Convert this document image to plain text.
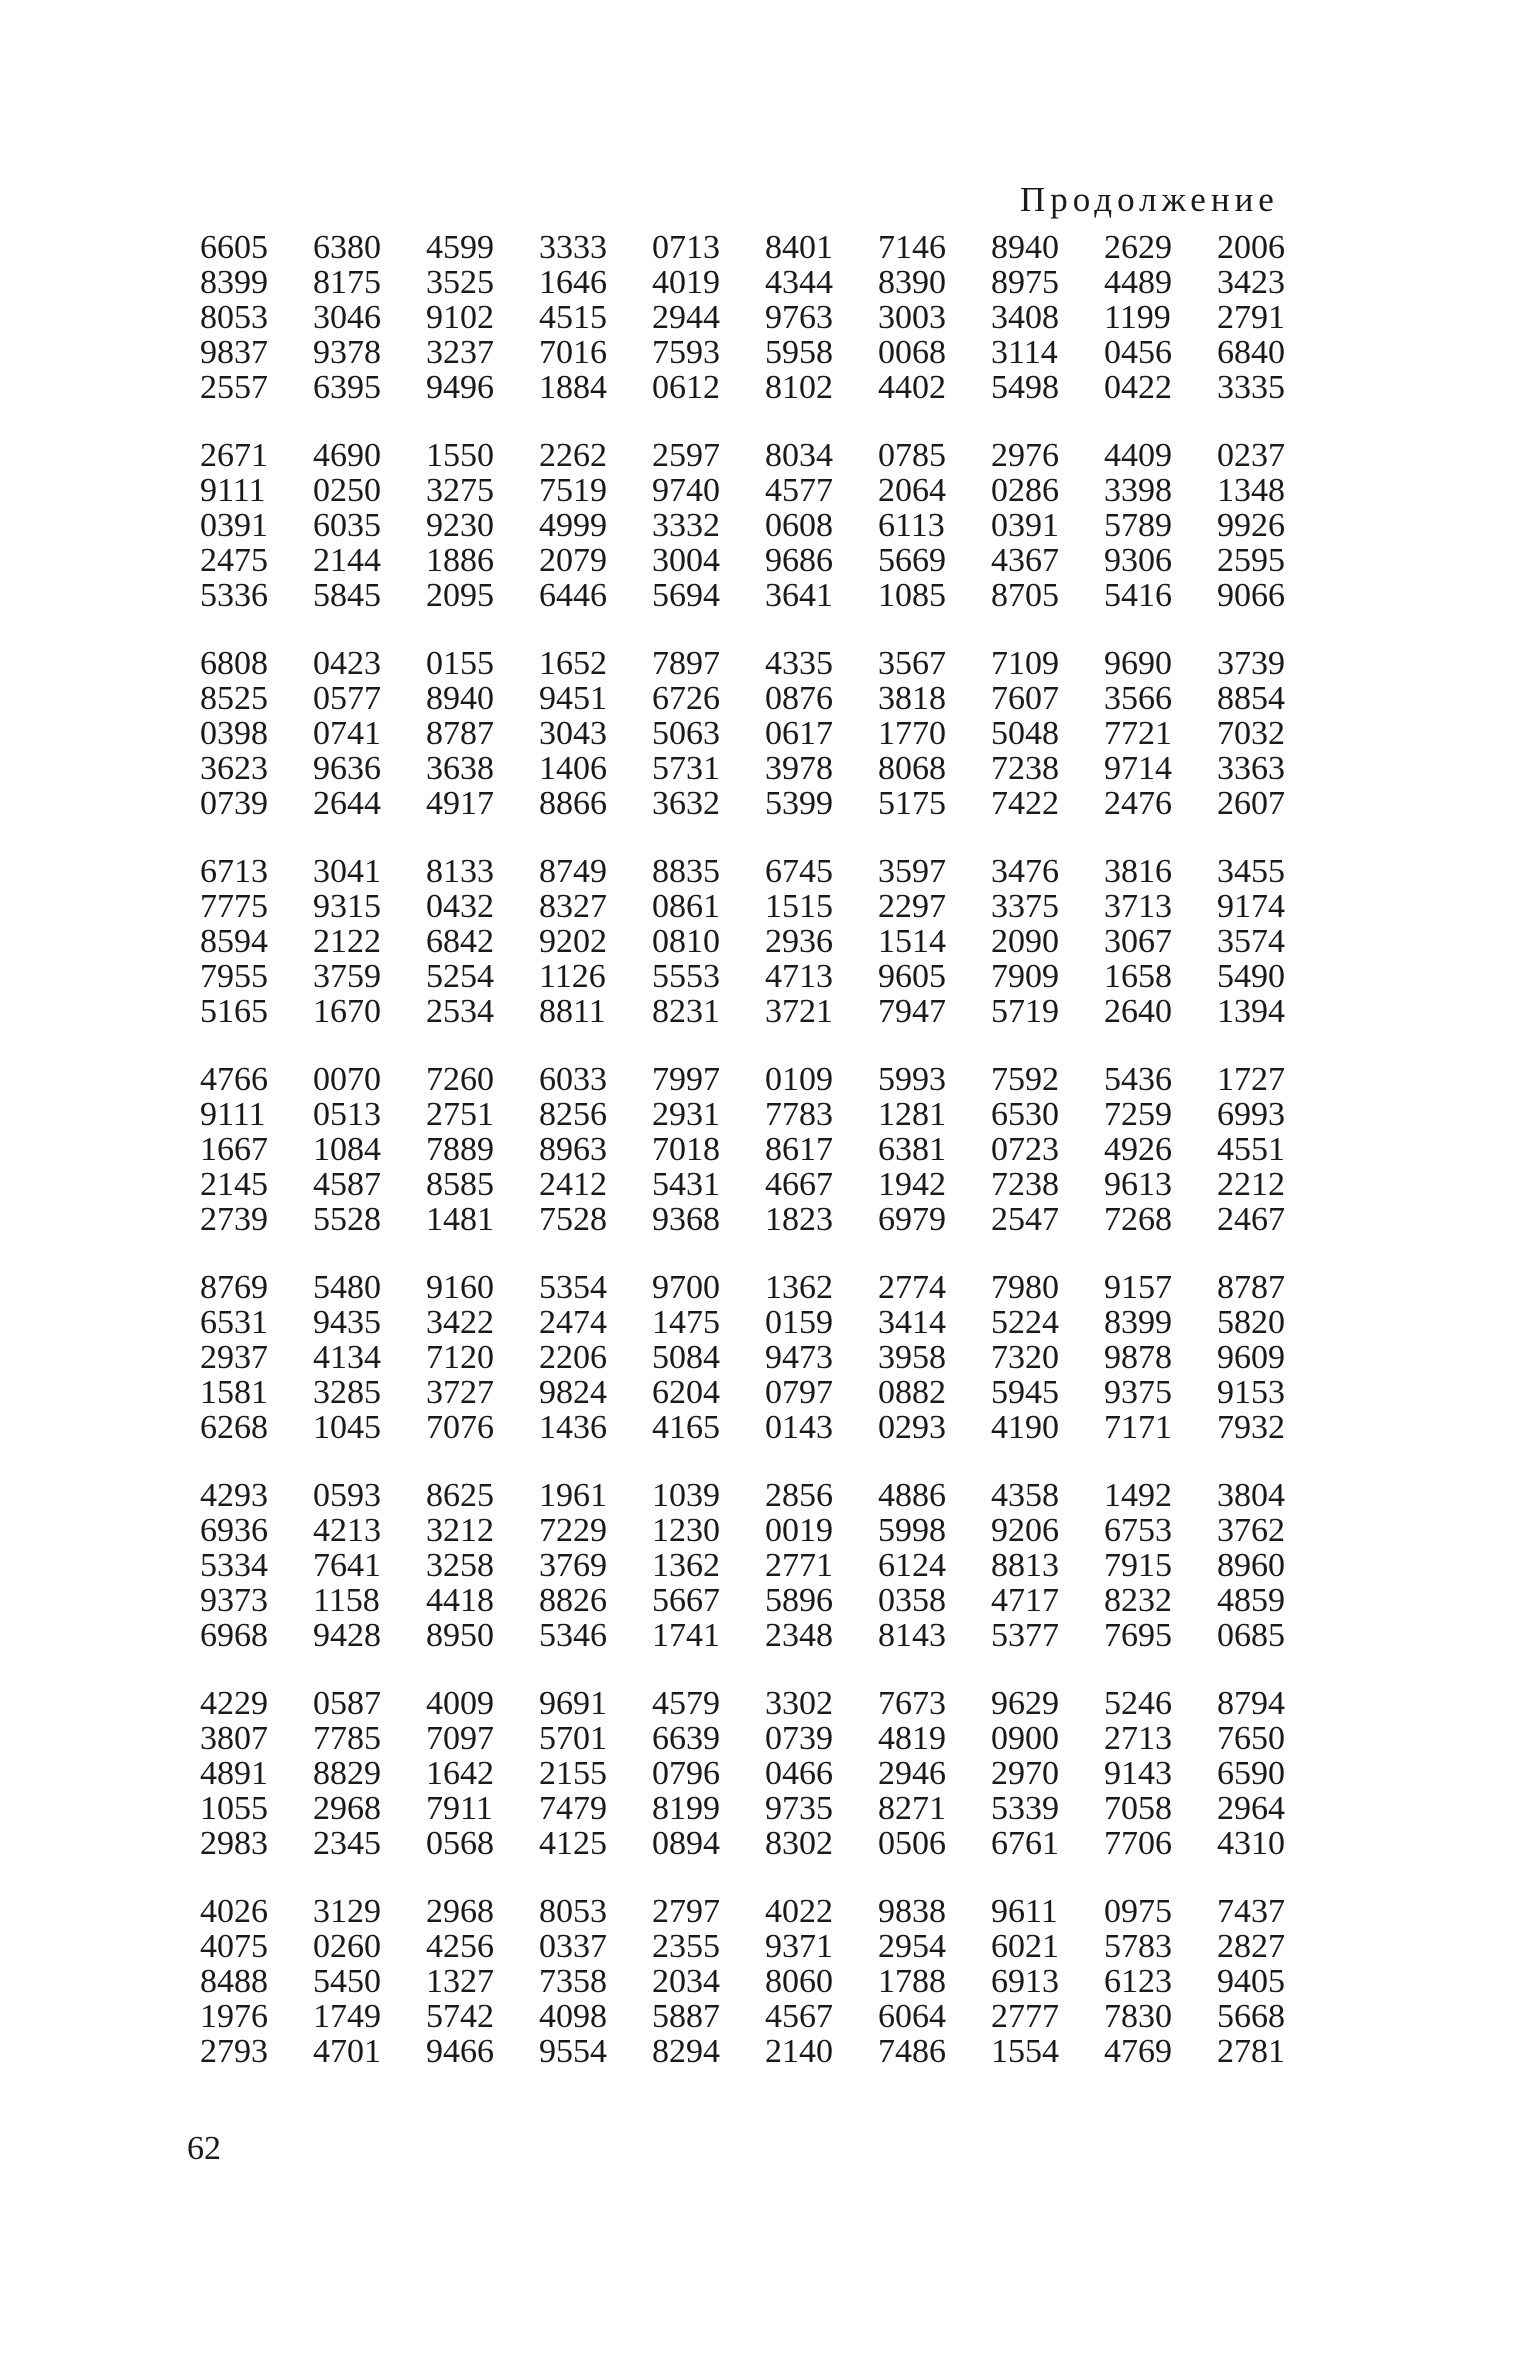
Продолжение
6605	6380	4599	3333	0713	8401	7146	8940	2629	2006
8399	8175	3525	1646	4019	4344	8390	8975	4489	3423
8053	3046	9102	4515	2944	9763	3003	3408	1199	2791
9837	9378	3237	7016	7593	5958	0068	3114	0456	6840
2557	6395	9496	1884	0612	8102	4402	5498	0422	3335
2671	4690	1550	2262	2597	8034	0785	2976	4409	0237
9111	0250	3275	7519	9740	4577	2064	0286	3398	1348
0391	6035	9230	4999	3332	0608	6113	0391	5789	9926
2475	2144	1886	2079	3004	9686	5669	4367	9306	2595
5336	5845	2095	6446	5694	3641	1085	8705	5416	9066
6808	0423	0155	1652	7897	4335	3567	7109	9690	3739
8525	0577	8940	9451	6726	0876	3818	7607	3566	8854
0398	0741	8787	3043	5063	0617	1770	5048	7721	7032
3623	9636	3638	1406	5731	3978	8068	7238	9714	3363
0739	2644	4917	8866	3632	5399	5175	7422	2476	2607
6713	3041	8133	8749	8835	6745	3597	3476	3816	3455
7775	9315	0432	8327	0861	1515	2297	3375	3713	9174
8594	2122	6842	9202	0810	2936	1514	2090	3067	3574
7955	3759	5254	1126	5553	4713	9605	7909	1658	5490
5165	1670	2534	8811	8231	3721	7947	5719	2640	1394
4766	0070	7260	6033	7997	0109	5993	7592	5436	1727
9111	0513	2751	8256	2931	7783	1281	6530	7259	6993
1667	1084	7889	8963	7018	8617	6381	0723	4926	4551
2145	4587	8585	2412	5431	4667	1942	7238	9613	2212
2739	5528	1481	7528	9368	1823	6979	2547	7268	2467
8769	5480	9160	5354	9700	1362	2774	7980	9157	8787
6531	9435	3422	2474	1475	0159	3414	5224	8399	5820
2937	4134	7120	2206	5084	9473	3958	7320	9878	9609
1581	3285	3727	9824	6204	0797	0882	5945	9375	9153
6268	1045	7076	1436	4165	0143	0293	4190	7171	7932
4293	0593	8625	1961	1039	2856	4886	4358	1492	3804
6936	4213	3212	7229	1230	0019	5998	9206	6753	3762
5334	7641	3258	3769	1362	2771	6124	8813	7915	8960
9373	1158	4418	8826	5667	5896	0358	4717	8232	4859
6968	9428	8950	5346	1741	2348	8143	5377	7695	0685
4229	0587	4009	9691	4579	3302	7673	9629	5246	8794
3807	7785	7097	5701	6639	0739	4819	0900	2713	7650
4891	8829	1642	2155	0796	0466	2946	2970	9143	6590
1055	2968	7911	7479	8199	9735	8271	5339	7058	2964
2983	2345	0568	4125	0894	8302	0506	6761	7706	4310
4026	3129	2968	8053	2797	4022	9838	9611	0975	7437
4075	0260	4256	0337	2355	9371	2954	6021	5783	2827
8488	5450	1327	7358	2034	8060	1788	6913	6123	9405
1976	1749	5742	4098	5887	4567	6064	2777	7830	5668
2793	4701	9466	9554	8294	2140	7486	1554	4769	2781
62
